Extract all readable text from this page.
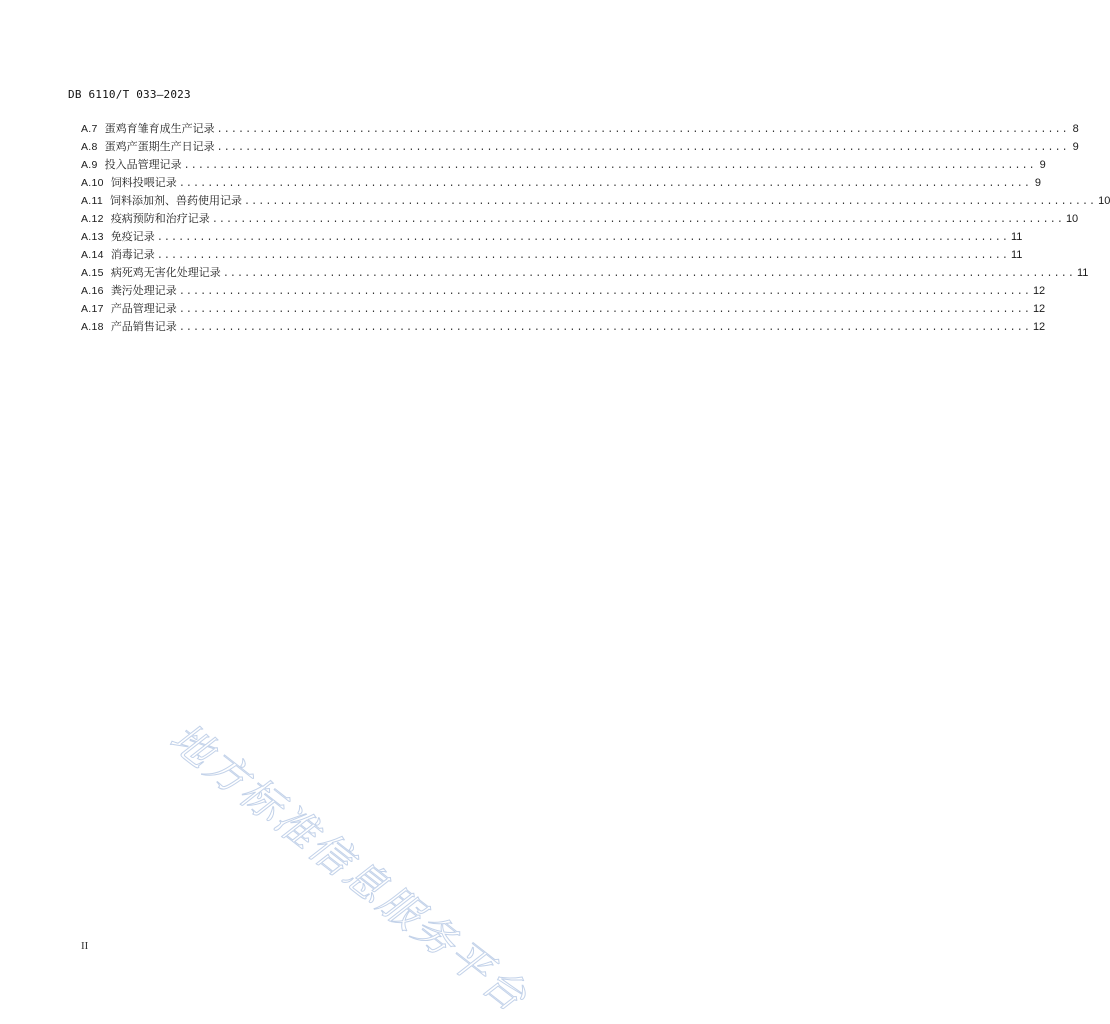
DB 6110/T 033—2023
A.7 蛋鸡育雏育成生产记录 ........................................................................................................................ 8
A.8 蛋鸡产蛋期生产日记录 ........................................................................................................................ 9
A.9 投入品管理记录 ........................................................................................................................ 9
A.10 饲料投喂记录 ........................................................................................................................ 9
A.11 饲料添加剂、兽药使用记录 ........................................................................................................................ 10
A.12 疫病预防和治疗记录 ........................................................................................................................ 10
A.13 免疫记录 ........................................................................................................................ 11
A.14 消毒记录 ........................................................................................................................ 11
A.15 病死鸡无害化处理记录 ........................................................................................................................ 11
A.16 粪污处理记录 ........................................................................................................................ 12
A.17 产品管理记录 ........................................................................................................................ 12
A.18 产品销售记录 ........................................................................................................................ 12
地方标准信息服务平台
II
